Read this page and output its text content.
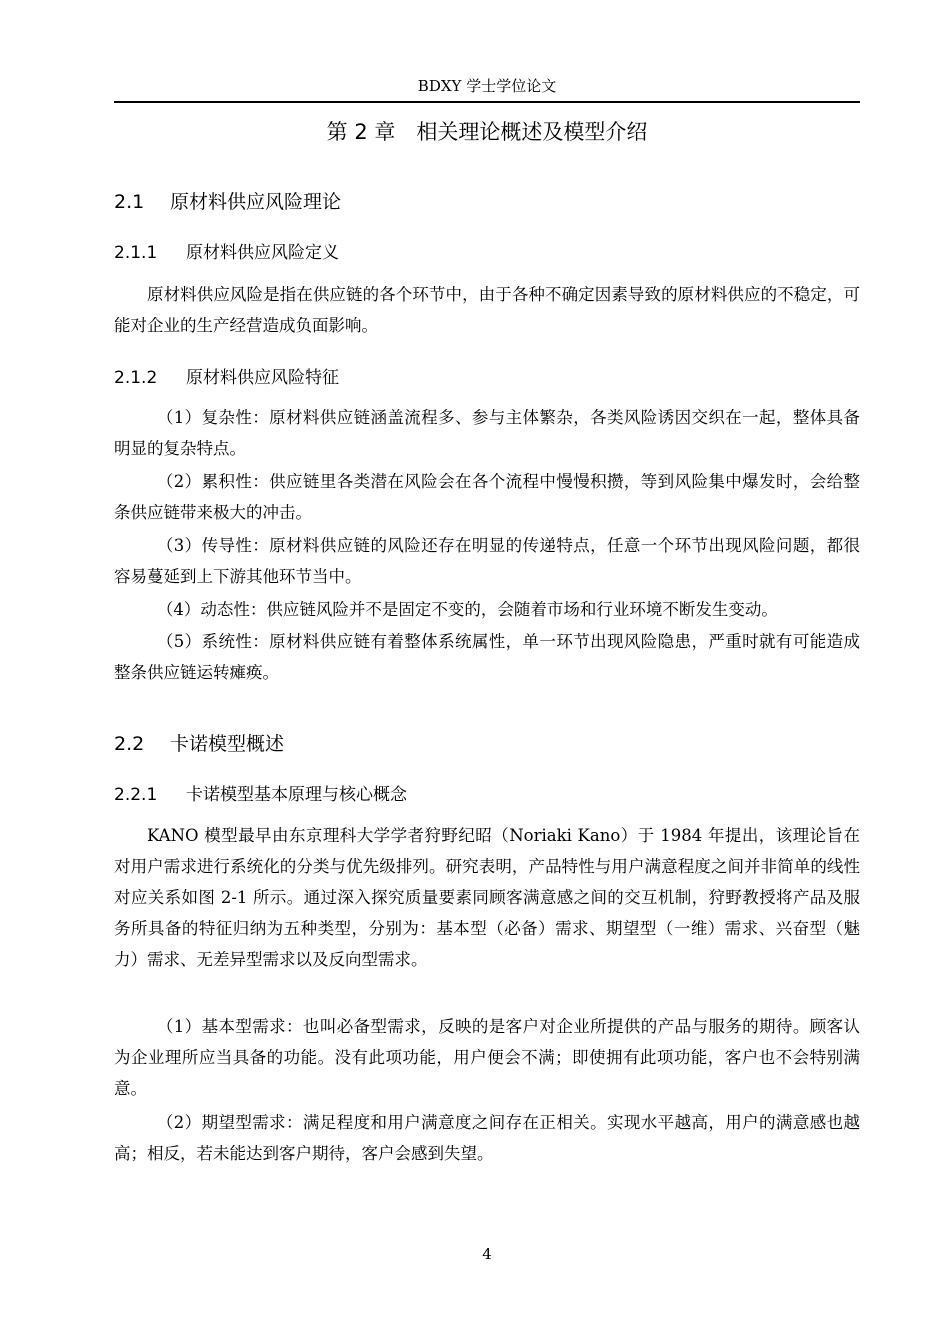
BDXY 学士学位论文
第 2 章　相关理论概述及模型介绍
2.1 原材料供应风险理论
2.1.1 原材料供应风险定义

原材料供应风险是指在供应链的各个环节中，由于各种不确定因素导致的原材料供应的不稳定，可能对企业的生产经营造成负面影响。

2.1.2 原材料供应风险特征

（1）复杂性：原材料供应链涵盖流程多、参与主体繁杂，各类风险诱因交织在一起，整体具备明显的复杂特点。

（2）累积性：供应链里各类潜在风险会在各个流程中慢慢积攒，等到风险集中爆发时，会给整条供应链带来极大的冲击。

（3）传导性：原材料供应链的风险还存在明显的传递特点，任意一个环节出现风险问题，都很容易蔓延到上下游其他环节当中。

（4）动态性：供应链风险并不是固定不变的，会随着市场和行业环境不断发生变动。

（5）系统性：原材料供应链有着整体系统属性，单一环节出现风险隐患，严重时就有可能造成整条供应链运转瘫痪。

2.2 卡诺模型概述
2.2.1 卡诺模型基本原理与核心概念

KANO 模型最早由东京理科大学学者狩野纪昭（Noriaki Kano）于 1984 年提出，该理论旨在对用户需求进行系统化的分类与优先级排列。研究表明，产品特性与用户满意程度之间并非简单的线性对应关系如图 2-1 所示。通过深入探究质量要素同顾客满意感之间的交互机制，狩野教授将产品及服务所具备的特征归纳为五种类型，分别为：基本型（必备）需求、期望型（一维）需求、兴奋型（魅力）需求、无差异型需求以及反向型需求。

（1）基本型需求：也叫必备型需求，反映的是客户对企业所提供的产品与服务的期待。顾客认为企业理所应当具备的功能。没有此项功能，用户便会不满；即使拥有此项功能，客户也不会特别满意。

（2）期望型需求：满足程度和用户满意度之间存在正相关。实现水平越高，用户的满意感也越高；相反，若未能达到客户期待，客户会感到失望。

4
